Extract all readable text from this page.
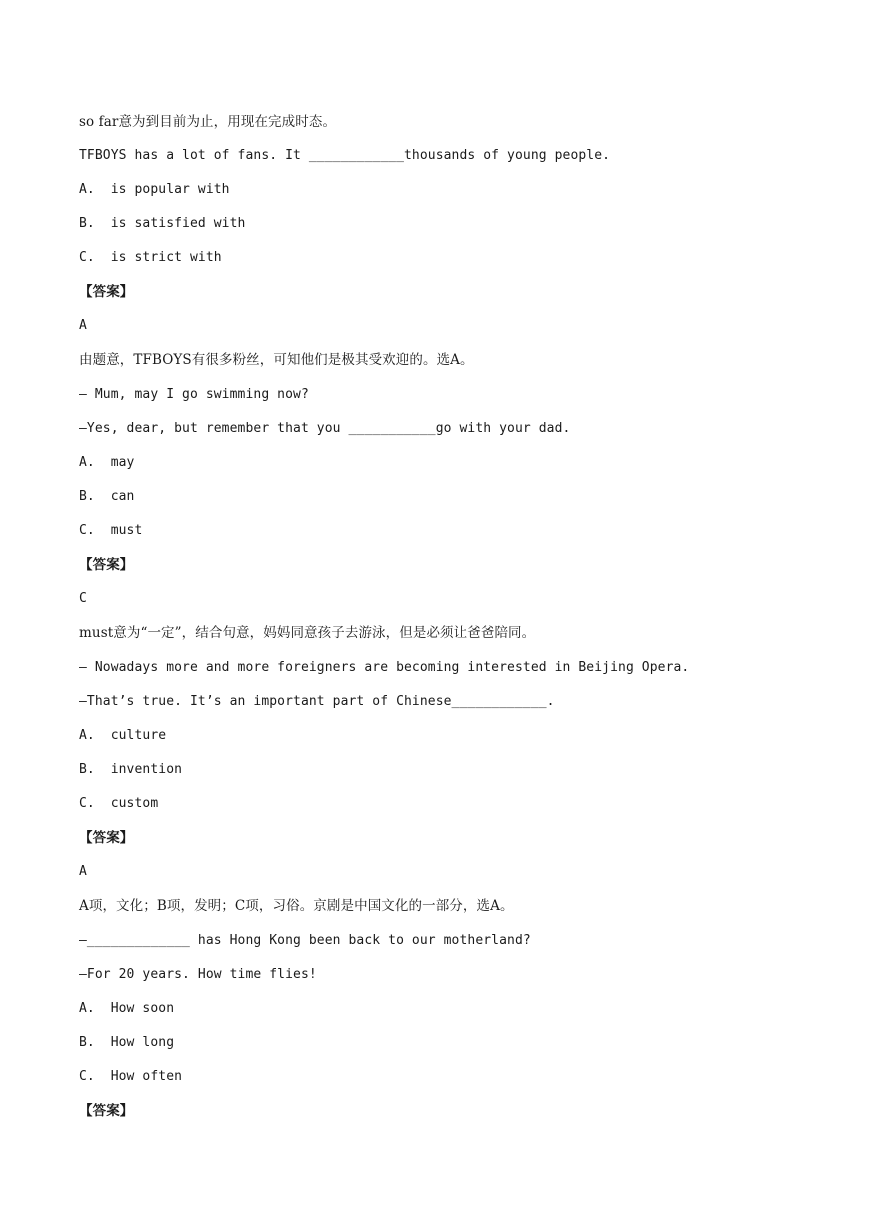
so far意为到目前为止，用现在完成时态。
TFBOYS has a lot of fans. It ____________thousands of young people.
A.  is popular with
B.  is satisfied with
C.  is strict with
【答案】
A
由题意，TFBOYS有很多粉丝，可知他们是极其受欢迎的。选A。
— Mum, may I go swimming now?
—Yes, dear, but remember that you ___________go with your dad.
A.  may
B.  can
C.  must
【答案】
C
must意为“一定”，结合句意，妈妈同意孩子去游泳，但是必须让爸爸陪同。
— Nowadays more and more foreigners are becoming interested in Beijing Opera.
—That’s true. It’s an important part of Chinese____________.
A.  culture
B.  invention
C.  custom
【答案】
A
A项，文化；B项，发明；C项，习俗。京剧是中国文化的一部分，选A。
—_____________ has Hong Kong been back to our motherland?
—For 20 years. How time flies!
A.  How soon
B.  How long
C.  How often
【答案】
